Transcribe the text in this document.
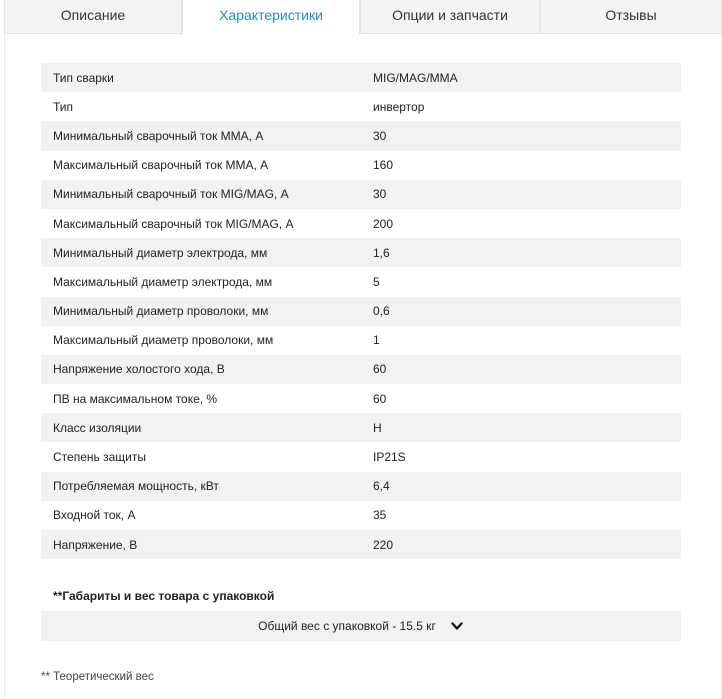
Описание	Характеристики	Опции и запчасти	Отзывы
Тип сварки	MIG/MAG/MMA
Тип	инвертор
Минимальный сварочный ток MMA, А	30
Максимальный сварочный ток MMA, А	160
Минимальный сварочный ток MIG/MAG, А	30
Максимальный сварочный ток MIG/MAG, А	200
Минимальный диаметр электрода, мм	1,6
Максимальный диаметр электрода, мм	5
Минимальный диаметр проволоки, мм	0,6
Максимальный диаметр проволоки, мм	1
Напряжение холостого хода, В	60
ПВ на максимальном токе, %	60
Класс изоляции	H
Степень защиты	IP21S
Потребляемая мощность, кВт	6,4
Входной ток, А	35
Напряжение, В	220
**Габариты и вес товара с упаковкой
Общий вес с упаковкой - 15.5 кг
** Теоретический вес
